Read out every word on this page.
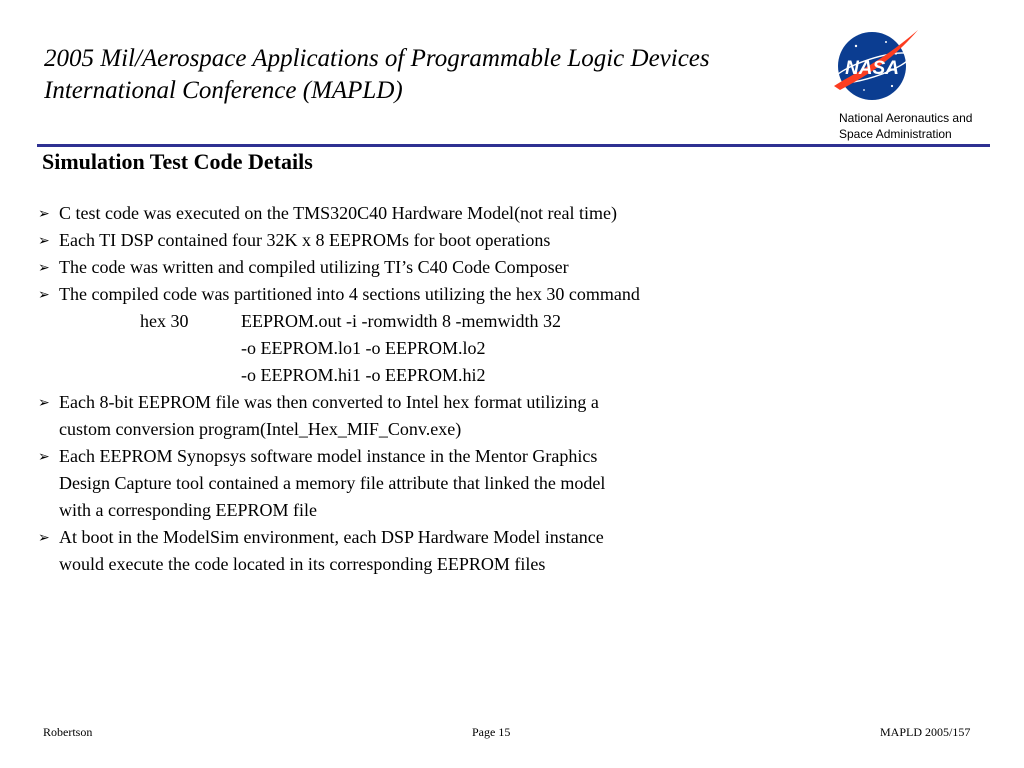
2005 Mil/Aerospace Applications of Programmable Logic Devices
International Conference (MAPLD)
NASA
National Aeronautics and
Space Administration
Simulation Test Code Details
➢ C test code was executed on the TMS320C40 Hardware Model(not real time)
➢ Each TI DSP contained four 32K x 8 EEPROMs for boot operations
➢ The code was written and compiled utilizing TI’s C40 Code Composer
➢ The compiled code was partitioned into 4 sections utilizing the hex 30 command
hex 30	EEPROM.out -i -romwidth 8 -memwidth 32
-o EEPROM.lo1 -o EEPROM.lo2
-o EEPROM.hi1 -o EEPROM.hi2
➢ Each 8-bit EEPROM file was then converted to Intel hex format utilizing a
custom conversion program(Intel_Hex_MIF_Conv.exe)
➢ Each EEPROM Synopsys software model instance in the Mentor Graphics
Design Capture tool contained a memory file attribute that linked the model
with a corresponding EEPROM file
➢ At boot in the ModelSim environment, each DSP Hardware Model instance
would execute the code located in its corresponding EEPROM files
Robertson	Page 15	MAPLD 2005/157
